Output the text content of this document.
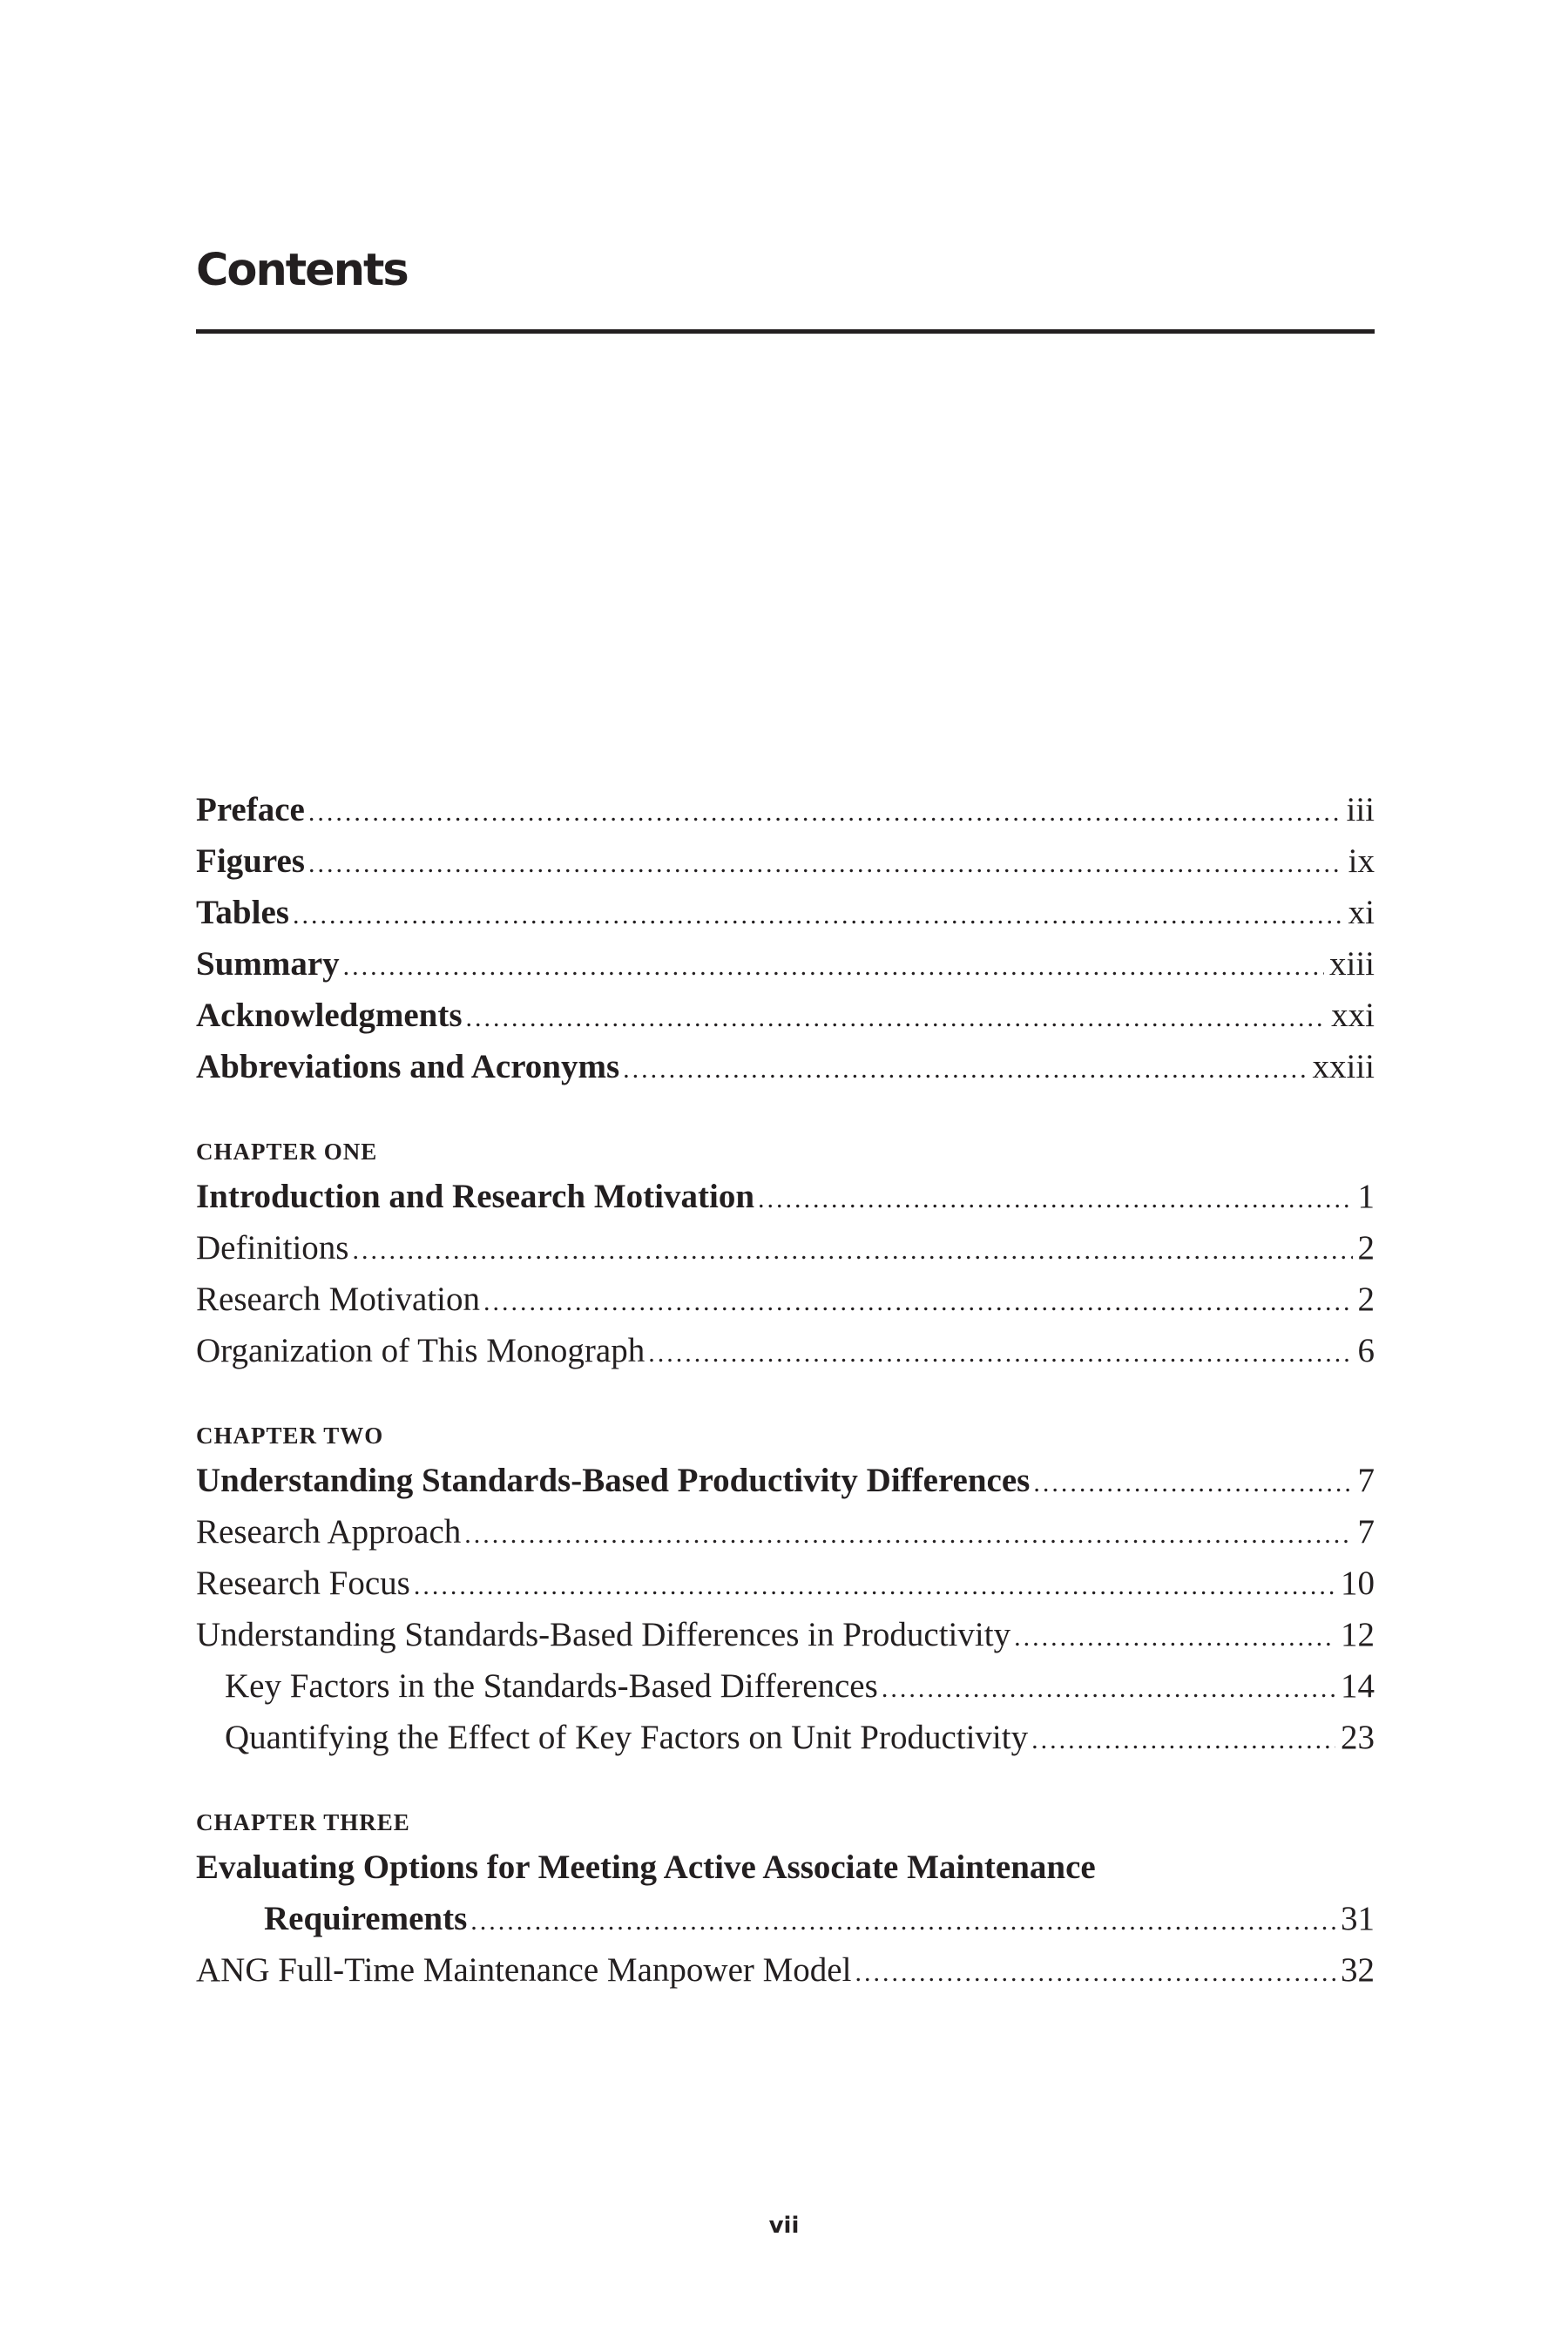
Contents
Preface .....	iii
Figures .....	ix
Tables .....	xi
Summary .....	xiii
Acknowledgments .....	xxi
Abbreviations and Acronyms .....	xxiii
CHAPTER ONE
Introduction and Research Motivation .....	1
Definitions .....	2
Research Motivation .....	2
Organization of This Monograph .....	6
CHAPTER TWO
Understanding Standards-Based Productivity Differences .....	7
Research Approach .....	7
Research Focus .....	10
Understanding Standards-Based Differences in Productivity .....	12
Key Factors in the Standards-Based Differences .....	14
Quantifying the Effect of Key Factors on Unit Productivity .....	23
CHAPTER THREE
Evaluating Options for Meeting Active Associate Maintenance
Requirements .....	31
ANG Full-Time Maintenance Manpower Model .....	32
vii
